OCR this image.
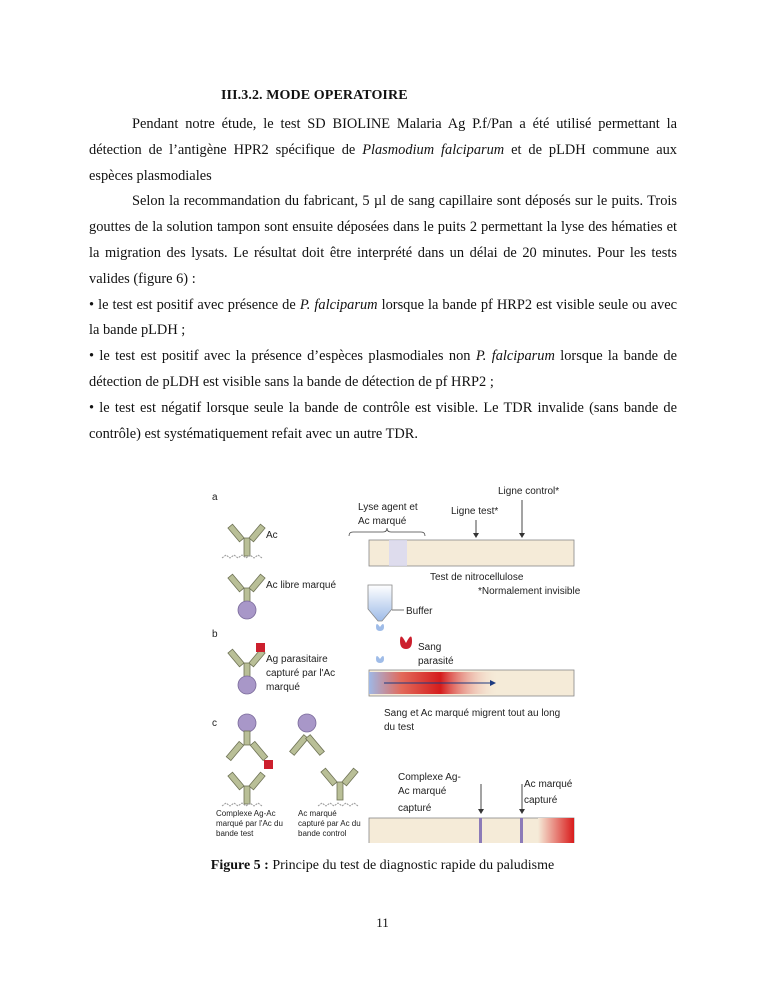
III.3.2. MODE OPERATOIRE

Pendant notre étude, le test SD BIOLINE Malaria Ag P.f/Pan a été utilisé permettant la détection de l’antigène HPR2 spécifique de Plasmodium falciparum et de pLDH commune aux espèces plasmodiales

Selon la recommandation du fabricant, 5 µl de sang capillaire sont déposés sur le puits. Trois gouttes de la solution tampon sont ensuite déposées dans le puits 2 permettant la lyse des hématies et la migration des lysats. Le résultat doit être interprété dans un délai de 20 minutes. Pour les tests valides (figure 6) :

• le test est positif avec présence de P. falciparum lorsque la bande pf HRP2 est visible seule ou avec la bande pLDH ;

• le test est positif avec la présence d’espèces plasmodiales non P. falciparum lorsque la bande de détection de pLDH est visible sans la bande de détection de pf HRP2 ;

• le test est négatif lorsque seule la bande de contrôle est visible. Le TDR invalide (sans bande de contrôle) est systématiquement refait avec un autre TDR.

a
b
c
Ac
Ac libre marqué
Ag parasitaire
capturé par l'Ac
marqué
Complexe Ag-Ac
marqué par l'Ac du
bande test
Ac marqué
capturé par Ac du
bande control
Lyse agent et
Ac marqué
Ligne test*
Ligne control*
Test de nitrocellulose
*Normalement invisible
Buffer
Sang
parasité
Sang et Ac marqué migrent tout au long
du test
Complexe Ag-
Ac marqué
capturé
Ac marqué
capturé
Figure 5 : Principe du test de diagnostic rapide du paludisme
11
